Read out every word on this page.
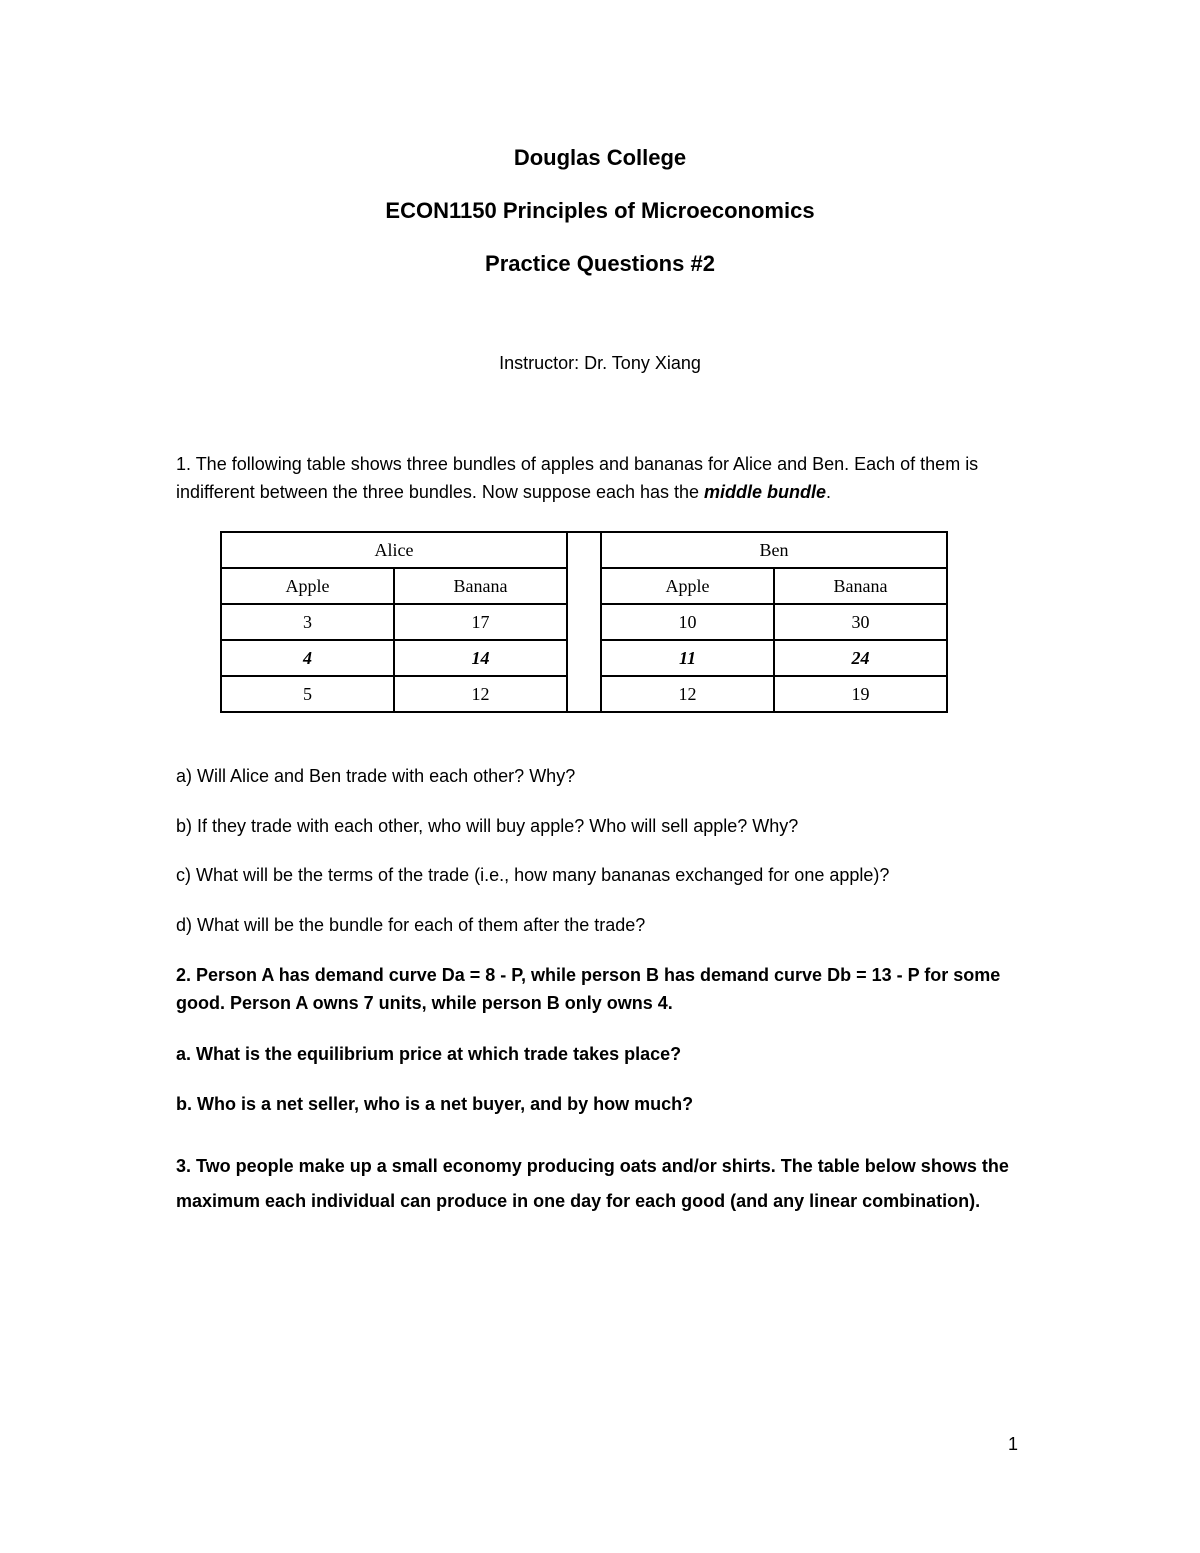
Douglas College
ECON1150 Principles of Microeconomics
Practice Questions #2
Instructor: Dr. Tony Xiang
1. The following table shows three bundles of apples and bananas for Alice and Ben. Each of them is indifferent between the three bundles. Now suppose each has the middle bundle.
Alice			Ben	
Apple	Banana		Apple	Banana
3	17		10	30
4	14		11	24
5	12		12	19
a) Will Alice and Ben trade with each other? Why?
b) If they trade with each other, who will buy apple? Who will sell apple? Why?
c) What will be the terms of the trade (i.e., how many bananas exchanged for one apple)?
d) What will be the bundle for each of them after the trade?
2. Person A has demand curve Da = 8 - P, while person B has demand curve Db = 13 - P for some good. Person A owns 7 units, while person B only owns 4.
a. What is the equilibrium price at which trade takes place?
b. Who is a net seller, who is a net buyer, and by how much?
3. Two people make up a small economy producing oats and/or shirts. The table below shows the maximum each individual can produce in one day for each good (and any linear combination).
1
